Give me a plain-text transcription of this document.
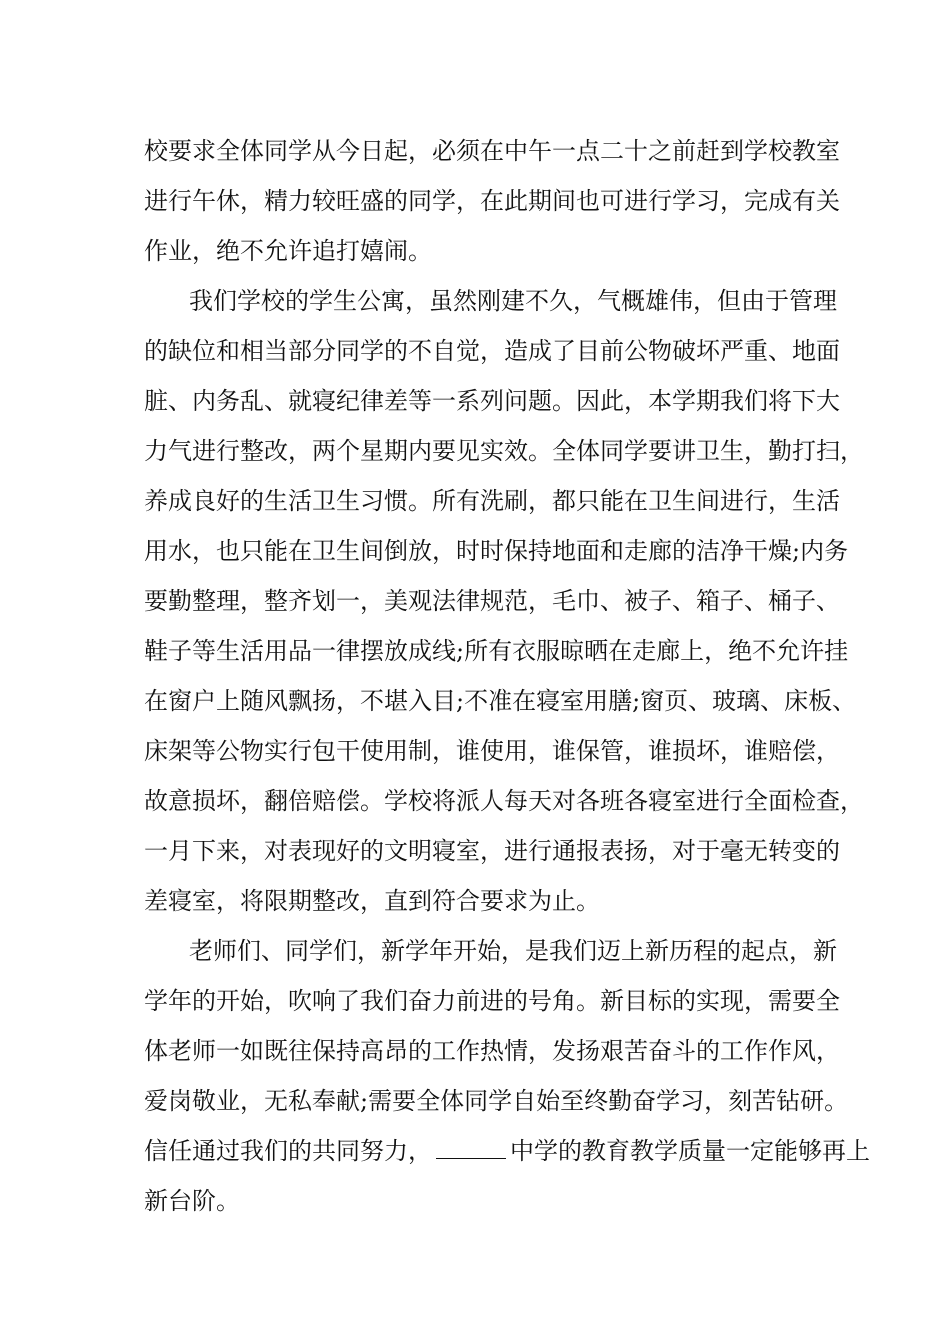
校要求全体同学从今日起，必须在中午一点二十之前赶到学校教室
进行午休，精力较旺盛的同学，在此期间也可进行学习，完成有关
作业，绝不允许追打嬉闹。
我们学校的学生公寓，虽然刚建不久，气概雄伟，但由于管理
的缺位和相当部分同学的不自觉，造成了目前公物破坏严重、地面
脏、内务乱、就寝纪律差等一系列问题。因此，本学期我们将下大
力气进行整改，两个星期内要见实效。全体同学要讲卫生，勤打扫，
养成良好的生活卫生习惯。所有洗刷，都只能在卫生间进行，生活
用水，也只能在卫生间倒放，时时保持地面和走廊的洁净干燥;内务
要勤整理，整齐划一，美观法律规范，毛巾、被子、箱子、桶子、
鞋子等生活用品一律摆放成线;所有衣服晾晒在走廊上，绝不允许挂
在窗户上随风飘扬，不堪入目;不准在寝室用膳;窗页、玻璃、床板、
床架等公物实行包干使用制，谁使用，谁保管，谁损坏，谁赔偿，
故意损坏，翻倍赔偿。学校将派人每天对各班各寝室进行全面检查，
一月下来，对表现好的文明寝室，进行通报表扬，对于毫无转变的
差寝室，将限期整改，直到符合要求为止。
老师们、同学们，新学年开始，是我们迈上新历程的起点，新
学年的开始，吹响了我们奋力前进的号角。新目标的实现，需要全
体老师一如既往保持高昂的工作热情，发扬艰苦奋斗的工作作风，
爱岗敬业，无私奉献;需要全体同学自始至终勤奋学习，刻苦钻研。
信任通过我们的共同努力，	中学的教育教学质量一定能够再上
新台阶。
